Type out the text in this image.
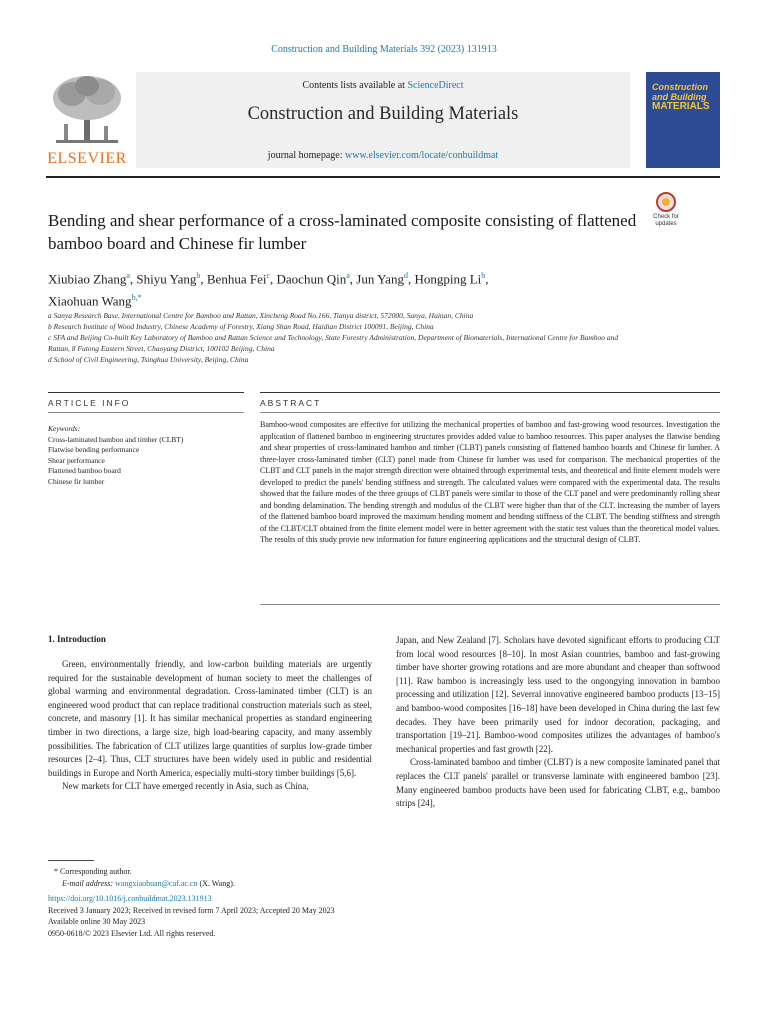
Construction and Building Materials 392 (2023) 131913
ELSEVIER
Contents lists available at ScienceDirect
Construction and Building Materials
journal homepage: www.elsevier.com/locate/conbuildmat
Construction
and Building
MATERIALS
Check for updates
Bending and shear performance of a cross-laminated composite consisting of flattened bamboo board and Chinese fir lumber
Xiubiao Zhang$^a$, Shiyu Yang$^b$, Benhua Fei$^c$, Daochun Qin$^a$, Jun Yang$^d$, Hongping Li$^b$,
Xiaohuan Wang$^{b,*}$
a Sanya Research Base, International Centre for Bamboo and Rattan, Xincheng Road No.166, Tianya district, 572000, Sanya, Hainan, China
b Research Institute of Wood Industry, Chinese Academy of Forestry, Xiang Shan Road, Haidian District 100091, Beijing, China
c SFA and Beijing Co-built Key Laboratory of Bamboo and Rattan Science and Technology, State Forestry Administration, Department of Biomaterials, International Centre for Bamboo and Rattan, 8 Futong Eastern Street, Chaoyang District, 100102 Beijing, China
d School of Civil Engineering, Tsinghua University, Beijing, China
ARTICLE INFO	ABSTRACT
Keywords:
Cross-laminated bamboo and timber (CLBT)
Flatwise bending performance
Shear performance
Flattened bamboo board
Chinese fir lumber
Bamboo-wood composites are effective for utilizing the mechanical properties of bamboo and fast-growing wood resources. Investigation the application of flattened bamboo in engineering structures provides added value to bamboo resources. This paper analyses the flatwise bending and shear properties of cross-laminated bamboo and timber (CLBT) panels consisting of flattened bamboo boards and Chinese fir lumber. A three-layer cross-laminated timber (CLT) panel made from Chinese fir lumber was used for comparison. The mechanical properties of the CLBT and CLT panels in the major strength direction were obtained through experimental tests, and theoretical and finite element models were developed to predict the panels' bending stiffness and strength. The calculated values were compared with the experimental data. The results showed that the failure modes of the three groups of CLBT panels were similar to those of the CLT panel and were predominantly rolling shear and bonding delamination. The bending strength and modulus of the CLBT were higher than that of the CLT. Increasing the number of layers of the flattened bamboo board improved the maximum bending moment and bending stiffness of the CLBT. The bending stiffness and strength of the CLBT/CLT obtained from the finite element model were in better agreement with the static test values than the theoretical model values. The results of this study provie new information for future engineering applications and the structural design of CLBT.
1. Introduction

Green, environmentally friendly, and low-carbon building materials are urgently required for the sustainable development of human society to meet the challenges of global warming and environmental degradation. Cross-laminated timber (CLT) is an engineered wood product that can replace traditional construction materials such as steel, concrete, and masonry [1]. It has similar mechanical properties as standard engineering timber in two directions, a large size, high load-bearing capacity, and many assembly possibilities. The fabrication of CLT utilizes large quantities of surplus low-grade timber resources [2–4]. Thus, CLT structures have been widely used in public and residential buildings in Europe and North America, especially multi-story timber buildings [5,6].

New markets for CLT have emerged recently in Asia, such as China,

Japan, and New Zealand [7]. Scholars have devoted significant efforts to producing CLT from local wood resources [8–10]. In most Asian countries, bamboo and fast-growing timber have shorter growing rotations and are more abundant and cheaper than softwood [11]. Raw bamboo is increasingly less used to the ongongying innovation in bamboo processing and utilization [12]. Severral innovative engineered bamboo products [13–15] and bamboo-wood composites [16–18] have been developed in China during the last few decades. They have been primarily used for indoor decoration, packaging, and transportation [19–21]. Bamboo-wood composites utilizes the advantages of bamboo's mechanical properties and fast growth [22].

Cross-laminated bamboo and timber (CLBT) is a new composite laminated panel that replaces the CLT panels' parallel or transverse laminate with engineered bamboo [23]. Many engineered bamboo products have been used for fabricating CLBT, e.g., bamboo strips [24],

* Corresponding author.
E-mail address: wangxiaohuan@caf.ac.cn (X. Wang).
https://doi.org/10.1016/j.conbuildmat.2023.131913
Received 3 January 2023; Received in revised form 7 April 2023; Accepted 20 May 2023
Available online 30 May 2023
0950-0618/© 2023 Elsevier Ltd. All rights reserved.
